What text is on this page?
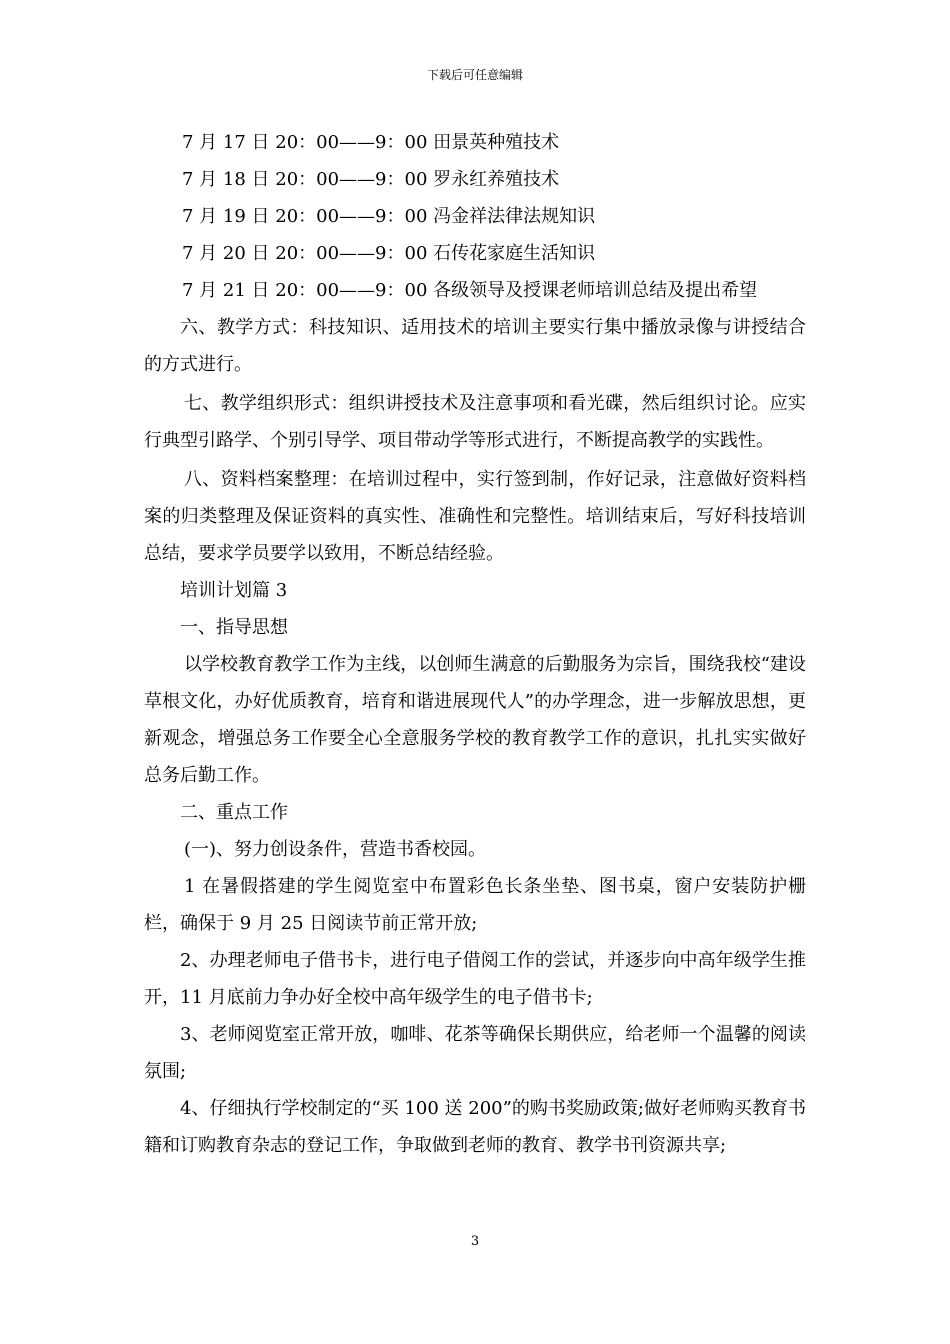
下载后可任意编辑

7 月 17 日 20：00——9：00 田景英种殖技术

7 月 18 日 20：00——9：00 罗永红养殖技术

7 月 19 日 20：00——9：00 冯金祥法律法规知识

7 月 20 日 20：00——9：00 石传花家庭生活知识

7 月 21 日 20：00——9：00 各级领导及授课老师培训总结及提出希望

六、教学方式：科技知识、适用技术的培训主要实行集中播放录像与讲授结合的方式进行。

七、教学组织形式：组织讲授技术及注意事项和看光碟，然后组织讨论。应实行典型引路学、个别引导学、项目带动学等形式进行，不断提高教学的实践性。

八、资料档案整理：在培训过程中，实行签到制，作好记录，注意做好资料档案的归类整理及保证资料的真实性、准确性和完整性。培训结束后，写好科技培训总结，要求学员要学以致用，不断总结经验。

培训计划篇 3

一、指导思想

以学校教育教学工作为主线，以创师生满意的后勤服务为宗旨，围绕我校“建设草根文化，办好优质教育，培育和谐进展现代人”的办学理念，进一步解放思想，更新观念，增强总务工作要全心全意服务学校的教育教学工作的意识，扎扎实实做好总务后勤工作。

二、重点工作

(一)、努力创设条件，营造书香校园。

1 在暑假搭建的学生阅览室中布置彩色长条坐垫、图书桌，窗户安装防护栅栏，确保于 9 月 25 日阅读节前正常开放;

2、办理老师电子借书卡，进行电子借阅工作的尝试，并逐步向中高年级学生推开，11 月底前力争办好全校中高年级学生的电子借书卡;

3、老师阅览室正常开放，咖啡、花茶等确保长期供应，给老师一个温馨的阅读氛围;

4、仔细执行学校制定的“买 100 送 200”的购书奖励政策;做好老师购买教育书籍和订购教育杂志的登记工作，争取做到老师的教育、教学书刊资源共享;

3
